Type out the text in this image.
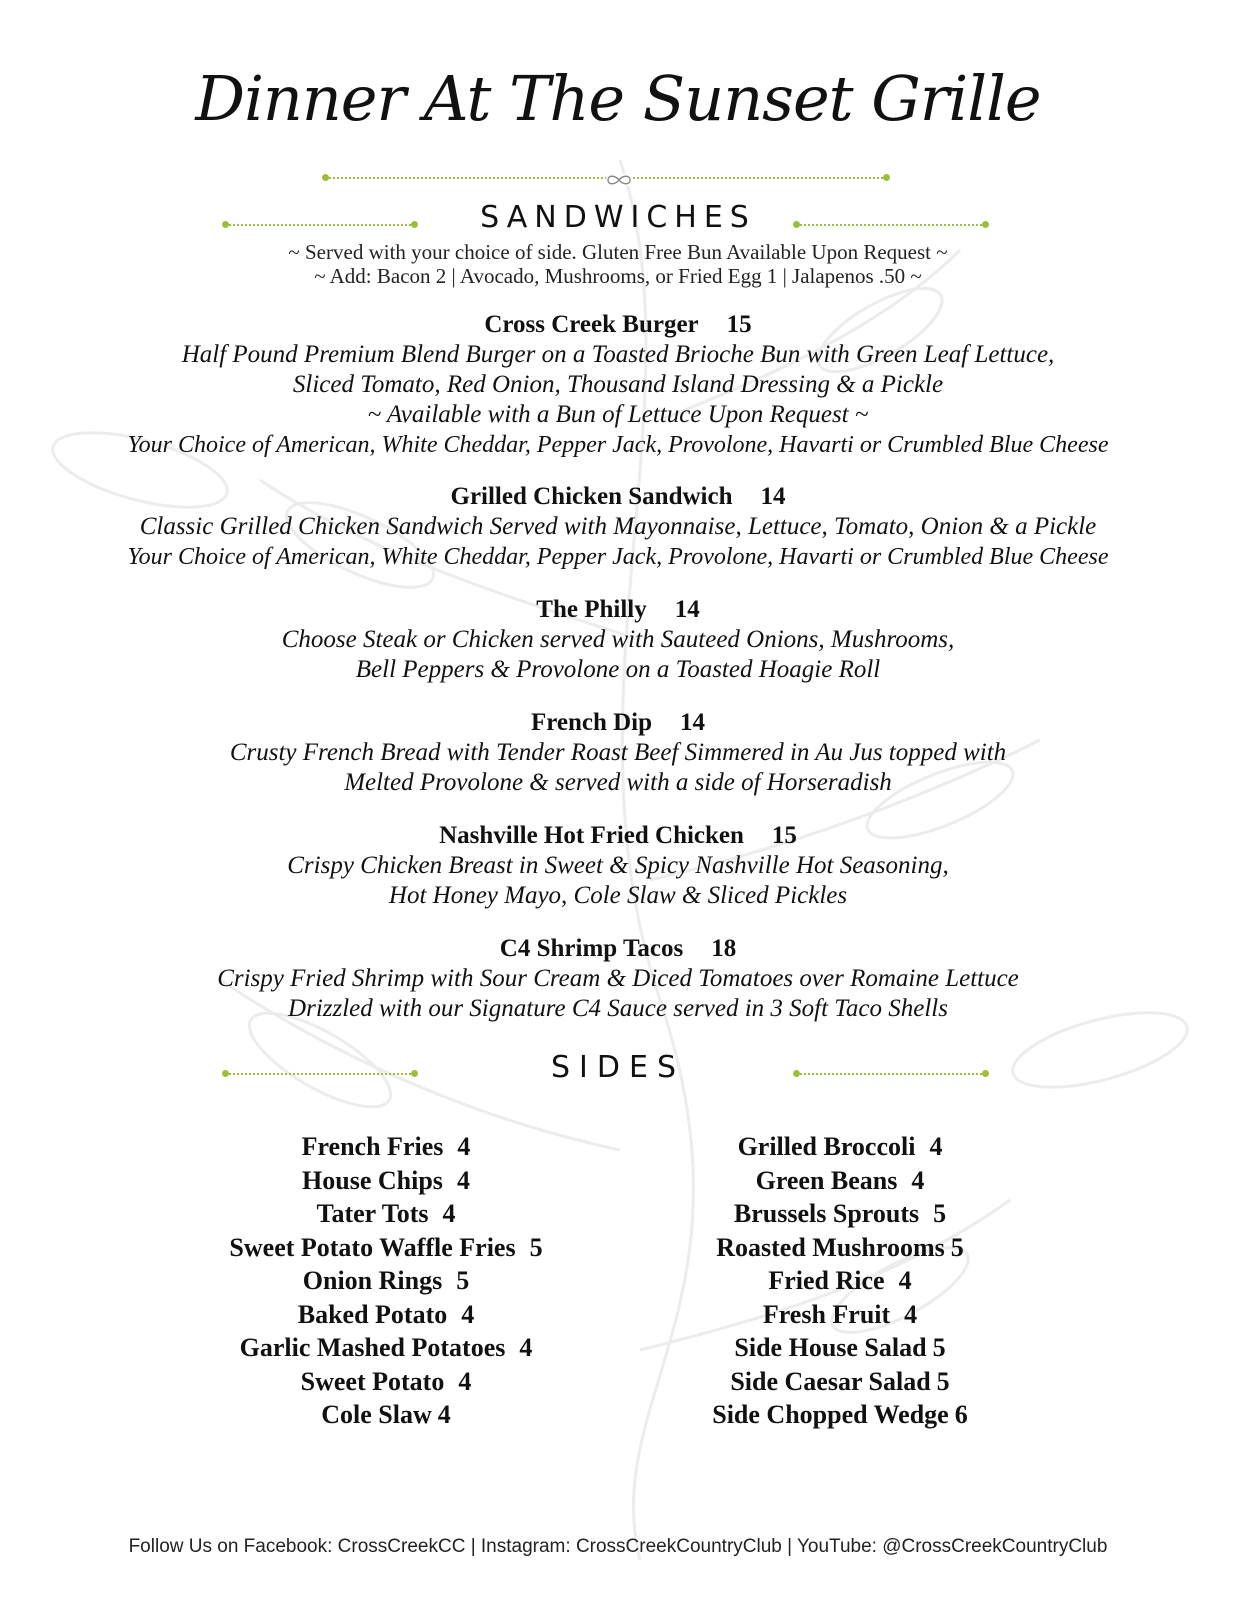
Dinner At The Sunset Grille
SANDWICHES

~ Served with your choice of side. Gluten Free Bun Available Upon Request ~

~ Add: Bacon 2 | Avocado, Mushrooms, or Fried Egg 1 | Jalapenos .50 ~

Cross Creek Burger 15

Half Pound Premium Blend Burger on a Toasted Brioche Bun with Green Leaf Lettuce,

Sliced Tomato, Red Onion, Thousand Island Dressing & a Pickle

~ Available with a Bun of Lettuce Upon Request ~

Your Choice of American, White Cheddar, Pepper Jack, Provolone, Havarti or Crumbled Blue Cheese

Grilled Chicken Sandwich 14

Classic Grilled Chicken Sandwich Served with Mayonnaise, Lettuce, Tomato, Onion & a Pickle

Your Choice of American, White Cheddar, Pepper Jack, Provolone, Havarti or Crumbled Blue Cheese

The Philly 14

Choose Steak or Chicken served with Sauteed Onions, Mushrooms,

Bell Peppers & Provolone on a Toasted Hoagie Roll

French Dip 14

Crusty French Bread with Tender Roast Beef Simmered in Au Jus topped with

Melted Provolone & served with a side of Horseradish

Nashville Hot Fried Chicken 15

Crispy Chicken Breast in Sweet & Spicy Nashville Hot Seasoning,

Hot Honey Mayo, Cole Slaw & Sliced Pickles

C4 Shrimp Tacos 18

Crispy Fried Shrimp with Sour Cream & Diced Tomatoes over Romaine Lettuce

Drizzled with our Signature C4 Sauce served in 3 Soft Taco Shells

SIDES
French Fries 4
House Chips 4
Tater Tots 4
Sweet Potato Waffle Fries 5
Onion Rings 5
Baked Potato 4
Garlic Mashed Potatoes 4
Sweet Potato 4
Cole Slaw 4
Grilled Broccoli 4
Green Beans 4
Brussels Sprouts 5
Roasted Mushrooms 5
Fried Rice 4
Fresh Fruit 4
Side House Salad 5
Side Caesar Salad 5
Side Chopped Wedge 6

Follow Us on Facebook: CrossCreekCC | Instagram: CrossCreekCountryClub | YouTube: @CrossCreekCountryClub
